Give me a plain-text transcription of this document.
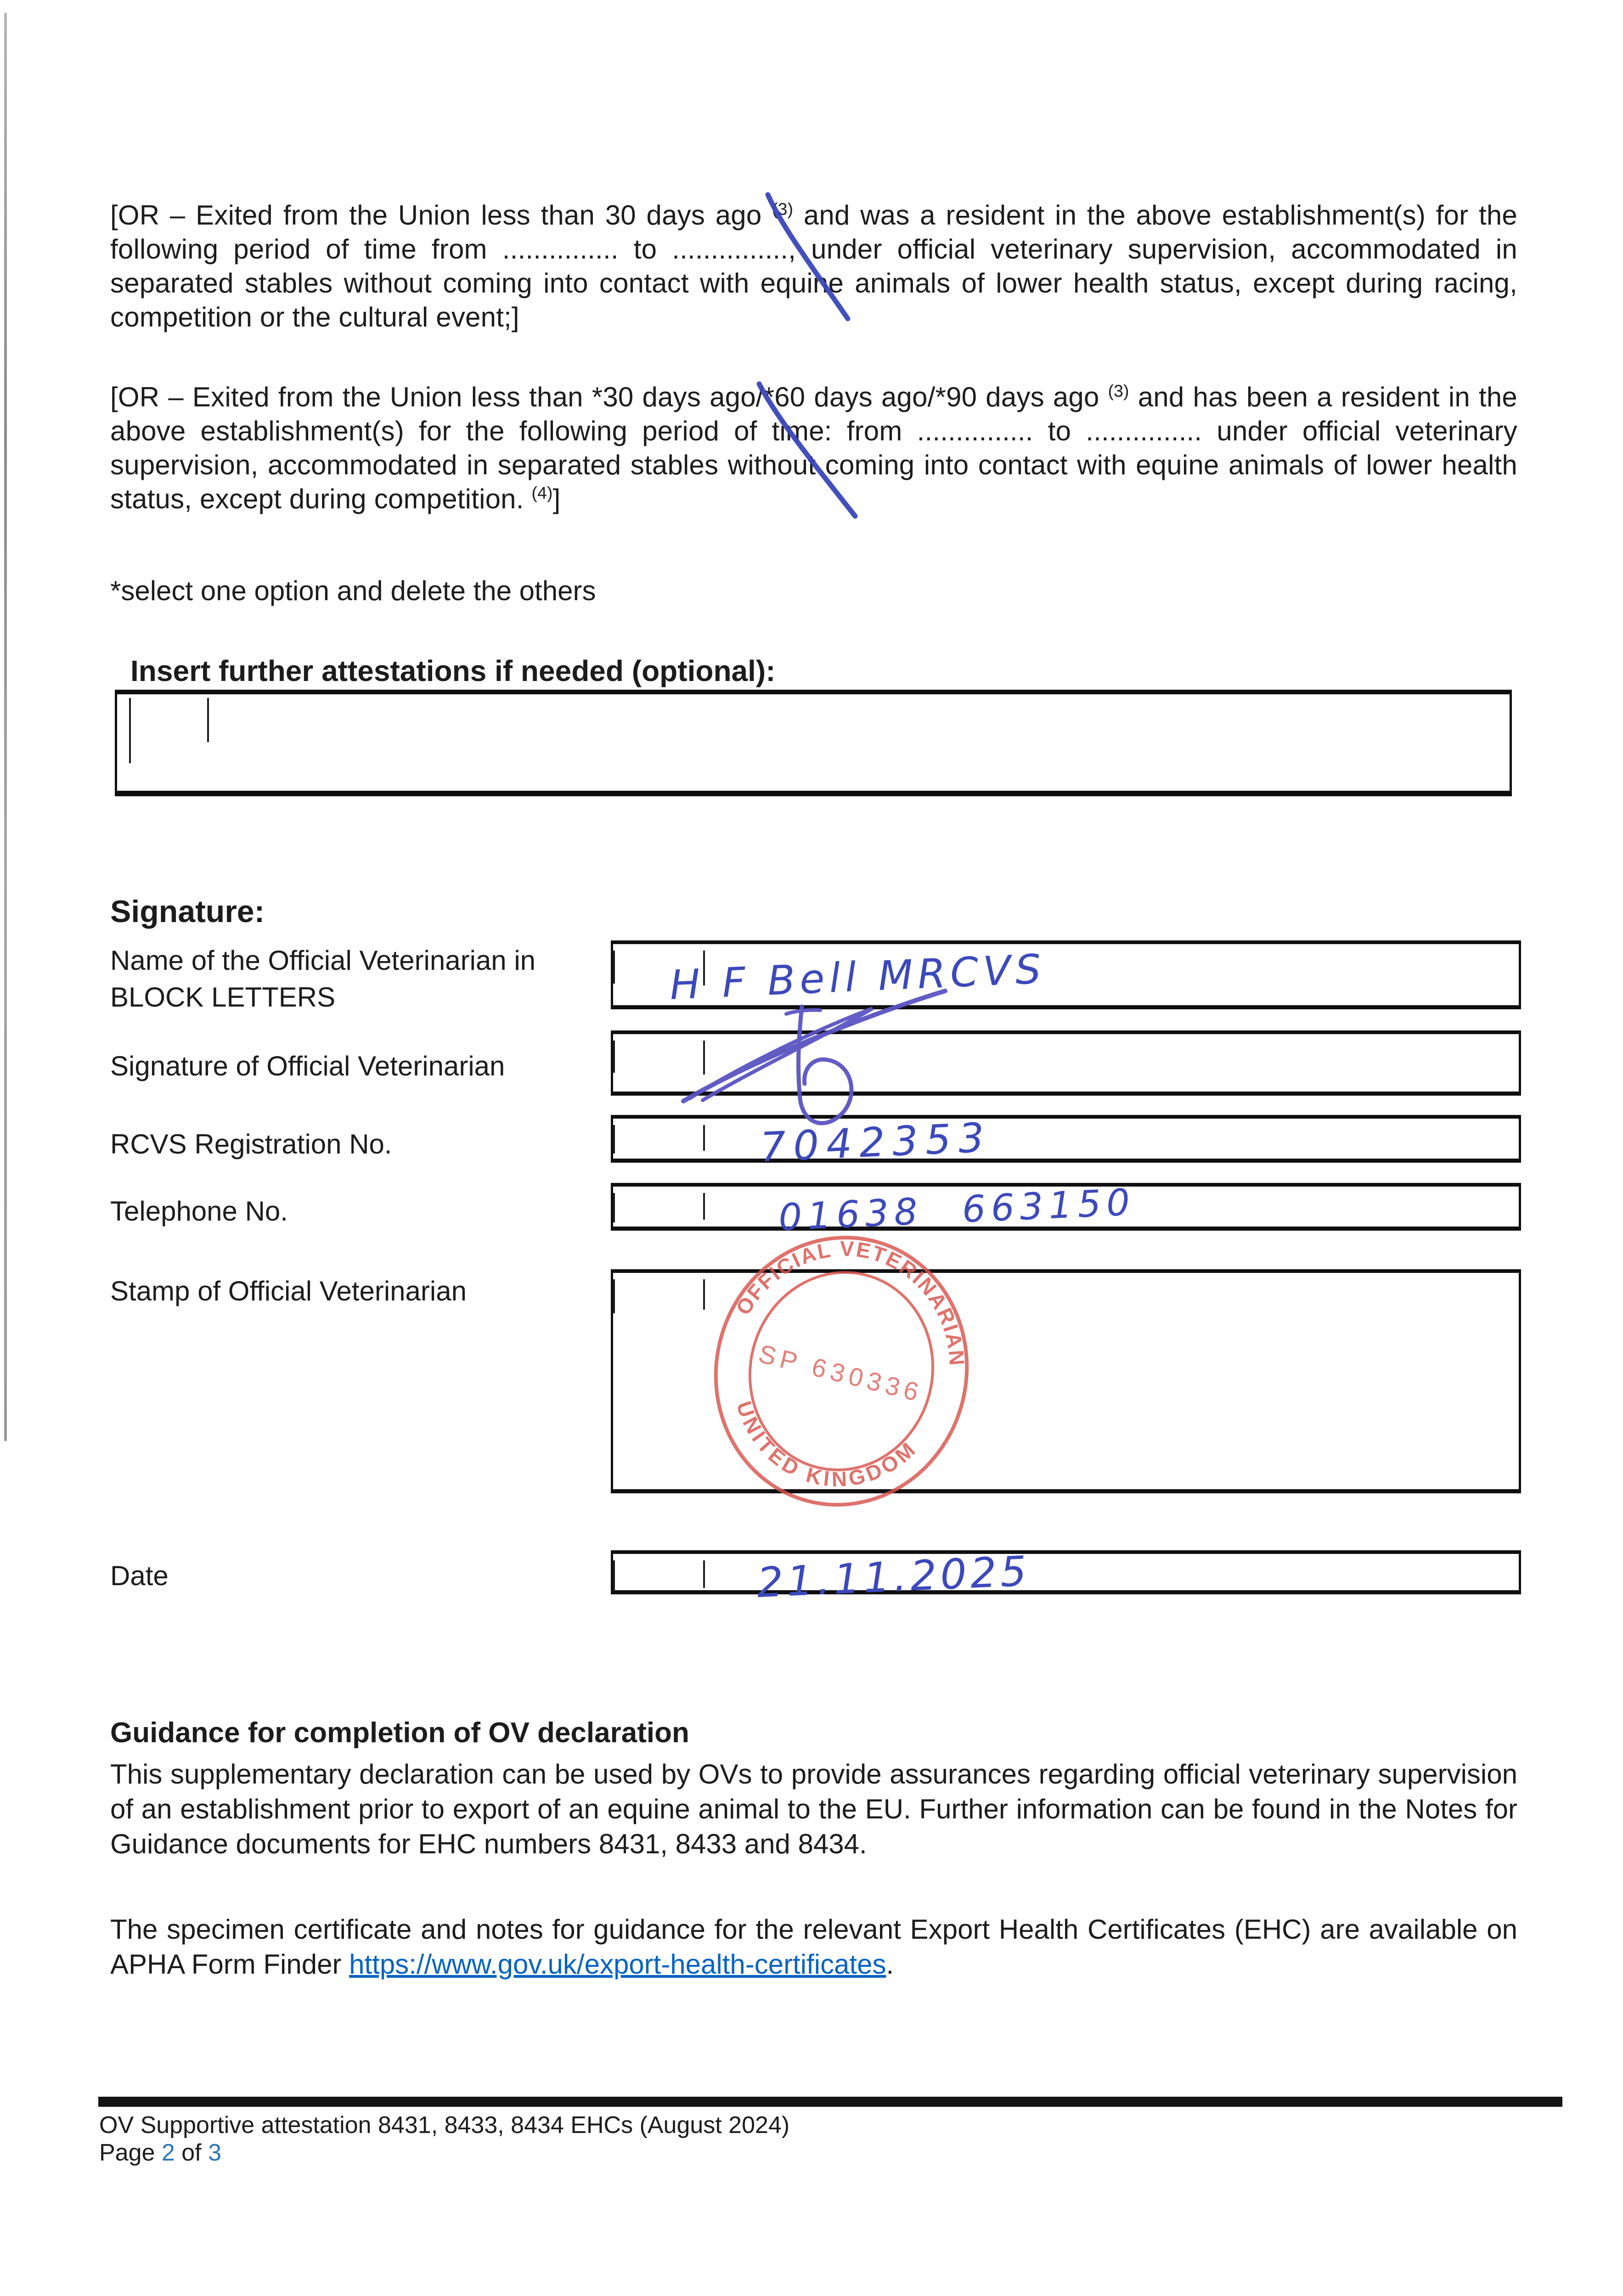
[OR – Exited from the Union less than 30 days ago $^{(3)}$ and was a resident in the above establishment(s) for the following period of time from ............... to ..............., under official veterinary supervision, accommodated in separated stables without coming into contact with equine animals of lower health status, except during racing, competition or the cultural event;]
[OR – Exited from the Union less than *30 days ago/*60 days ago/*90 days ago $^{(3)}$ and has been a resident in the above establishment(s) for the following period of time: from ............... to ............... under official veterinary supervision, accommodated in separated stables without coming into contact with equine animals of lower health status, except during competition. $^{(4)}$]
*select one option and delete the others
Insert further attestations if needed (optional):
Signature:
Name of the Official Veterinarian in BLOCK LETTERS	H F Bell MRCVS
Signature of Official Veterinarian
RCVS Registration No.	7042353
Telephone No.	01638 663150
Stamp of Official Veterinarian	OFFICIAL VETERINARIAN
UNITED KINGDOM
SP 630336
Date	21.11.2025
Guidance for completion of OV declaration
This supplementary declaration can be used by OVs to provide assurances regarding official veterinary supervision of an establishment prior to export of an equine animal to the EU. Further information can be found in the Notes for Guidance documents for EHC numbers 8431, 8433 and 8434.
The specimen certificate and notes for guidance for the relevant Export Health Certificates (EHC) are available on APHA Form Finder https://www.gov.uk/export-health-certificates.
OV Supportive attestation 8431, 8433, 8434 EHCs (August 2024)
Page 2 of 3
